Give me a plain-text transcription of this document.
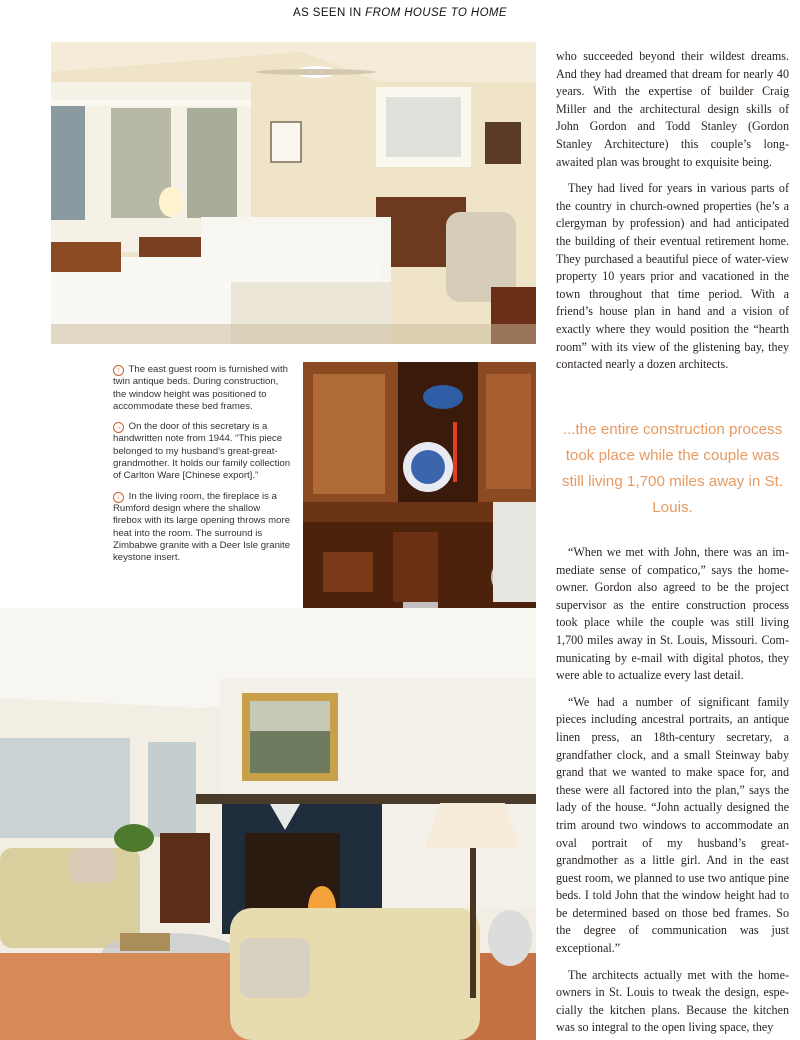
AS SEEN IN FROM HOUSE TO HOME

↑ The east guest room is furnished with twin antique beds. During construction, the window height was positioned to accommodate these bed frames.

→ On the door of this secretary is a handwritten note from 1944. “This piece belonged to my husband’s great-great-grandmother. It holds our family collection of Carlton Ware [Chinese export].”

↓ In the living room, the fireplace is a Rumford design where the shallow firebox with its large opening throws more heat into the room. The surround is Zimbabwe granite with a Deer Isle granite keystone insert.

who succeeded beyond their wildest dreams. And they had dreamed that dream for nearly 40 years. With the expertise of builder Craig Miller and the architectural design skills of John Gordon and Todd Stanley (Gordon Stanley Architecture) this couple’s long-awaited plan was brought to exquisite being.

They had lived for years in various parts of the country in church-owned properties (he’s a clergyman by profession) and had anticipated the building of their eventual retirement home. They purchased a beautiful piece of water-view property 10 years prior and vacationed in the town throughout that time period. With a friend’s house plan in hand and a vision of exactly where they would position the “hearth room” with its view of the glistening bay, they contacted nearly a dozen architects.

...the entire construction process took place while the couple was still living 1,700 miles away in St. Louis.

“When we met with John, there was an immediate sense of compatico,” says the homeowner. Gordon also agreed to be the project supervisor as the entire construction process took place while the couple was still living 1,700 miles away in St. Louis, Missouri. Communicating by e-mail with digital photos, they were able to actualize every last detail.

“We had a number of significant family pieces including ancestral portraits, an antique linen press, an 18th-century secretary, a grandfather clock, and a small Steinway baby grand that we wanted to make space for, and these were all factored into the plan,” says the lady of the house. “John actually designed the trim around two windows to accommodate an oval portrait of my husband’s great-grandmother as a little girl. And in the east guest room, we planned to use two antique pine beds. I told John that the window height had to be determined based on those bed frames. So the degree of communication was just exceptional.”

The architects actually met with the homeowners in St. Louis to tweak the design, especially the kitchen plans. Because the kitchen was so integral to the open living space, they
